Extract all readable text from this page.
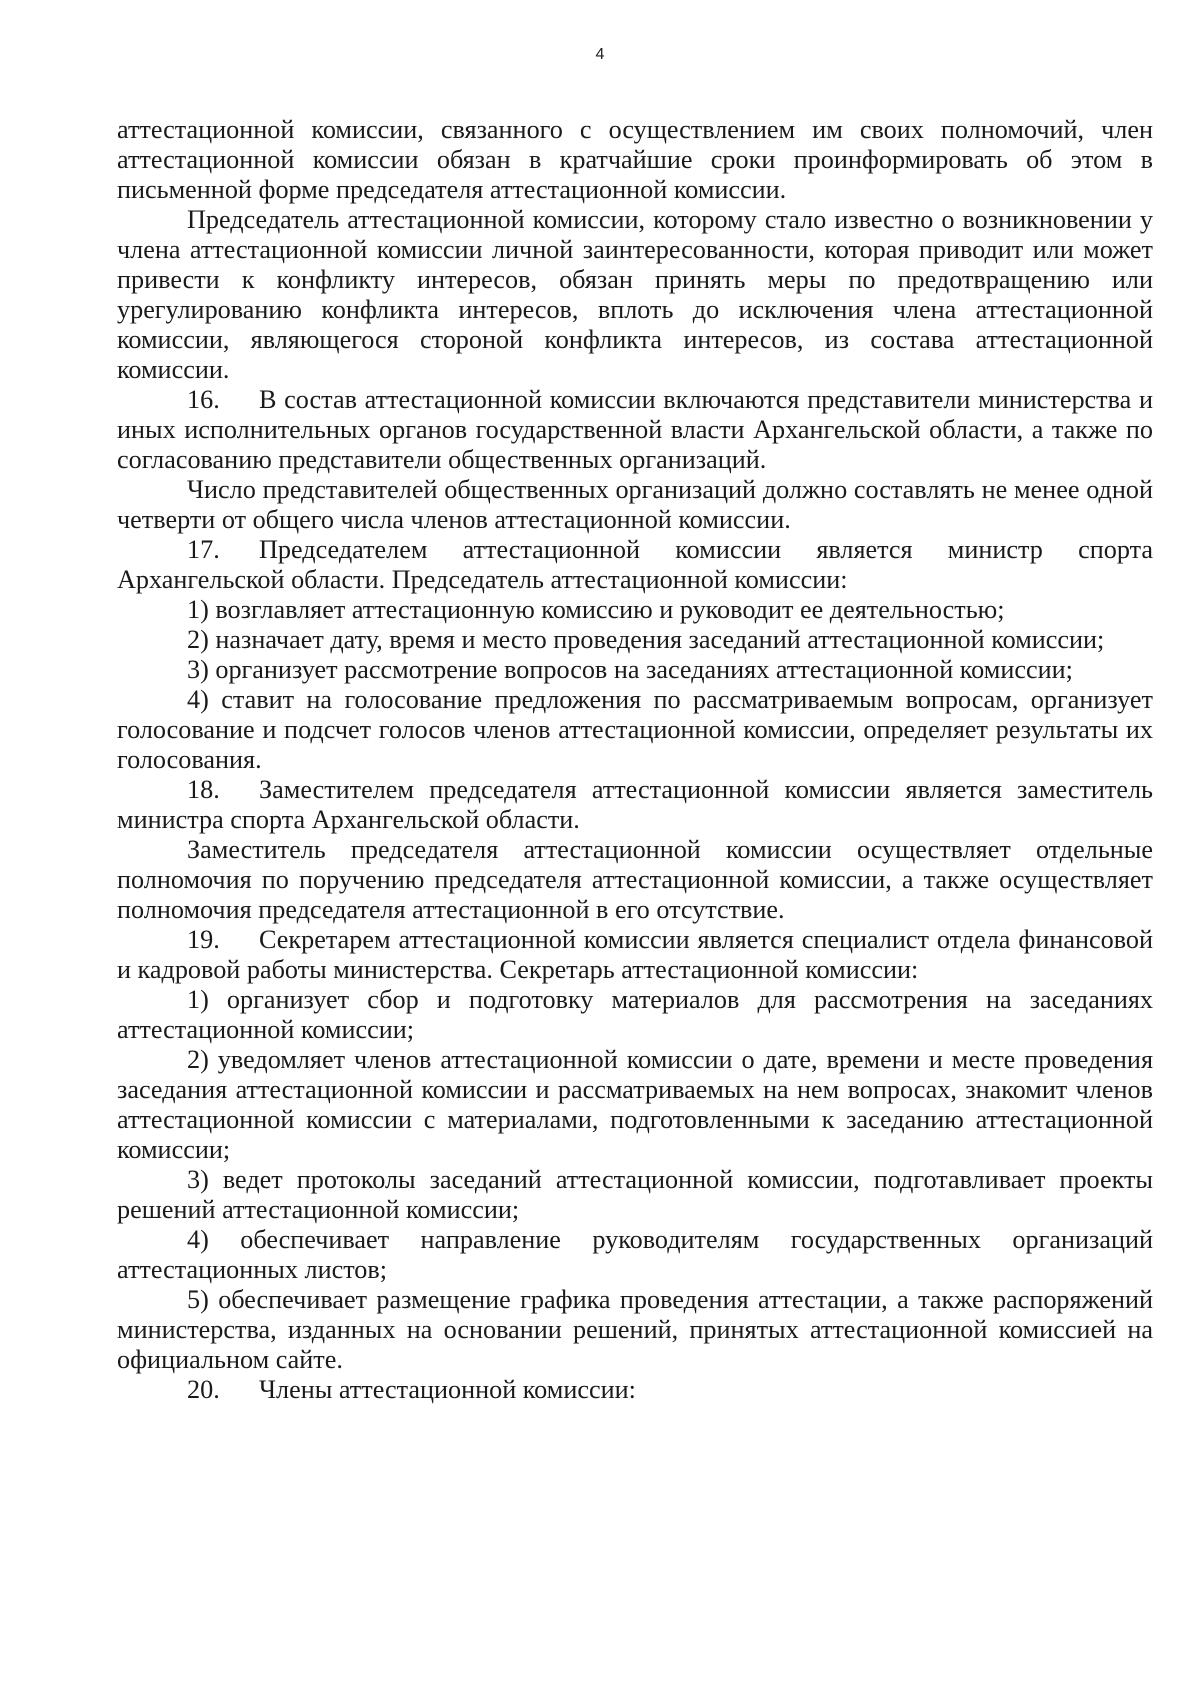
4

аттестационной комиссии, связанного с осуществлением им своих полномочий, член аттестационной комиссии обязан в кратчайшие сроки проинформировать об этом в письменной форме председателя аттестационной комиссии.

Председатель аттестационной комиссии, которому стало известно о возникновении у члена аттестационной комиссии личной заинтересованности, которая приводит или может привести к конфликту интересов, обязан принять меры по предотвращению или урегулированию конфликта интересов, вплоть до исключения члена аттестационной комиссии, являющегося стороной конфликта интересов, из состава аттестационной комиссии.

16. В состав аттестационной комиссии включаются представители министерства и иных исполнительных органов государственной власти Архангельской области, а также по согласованию представители общественных организаций.

Число представителей общественных организаций должно составлять не менее одной четверти от общего числа членов аттестационной комиссии.

17. Председателем аттестационной комиссии является министр спорта Архангельской области. Председатель аттестационной комиссии:

1) возглавляет аттестационную комиссию и руководит ее деятельностью;

2) назначает дату, время и место проведения заседаний аттестационной комиссии;

3) организует рассмотрение вопросов на заседаниях аттестационной комиссии;

4) ставит на голосование предложения по рассматриваемым вопросам, организует голосование и подсчет голосов членов аттестационной комиссии, определяет результаты их голосования.

18. Заместителем председателя аттестационной комиссии является заместитель министра спорта Архангельской области.

Заместитель председателя аттестационной комиссии осуществляет отдельные полномочия по поручению председателя аттестационной комиссии, а также осуществляет полномочия председателя аттестационной в его отсутствие.

19. Секретарем аттестационной комиссии является специалист отдела финансовой и кадровой работы министерства. Секретарь аттестационной комиссии:

1) организует сбор и подготовку материалов для рассмотрения на заседаниях аттестационной комиссии;

2) уведомляет членов аттестационной комиссии о дате, времени и месте проведения заседания аттестационной комиссии и рассматриваемых на нем вопросах, знакомит членов аттестационной комиссии с материалами, подготовленными к заседанию аттестационной комиссии;

3) ведет протоколы заседаний аттестационной комиссии, подготавливает проекты решений аттестационной комиссии;

4) обеспечивает направление руководителям государственных организаций аттестационных листов;

5) обеспечивает размещение графика проведения аттестации, а также распоряжений министерства, изданных на основании решений, принятых аттестационной комиссией на официальном сайте.

20. Члены аттестационной комиссии:
